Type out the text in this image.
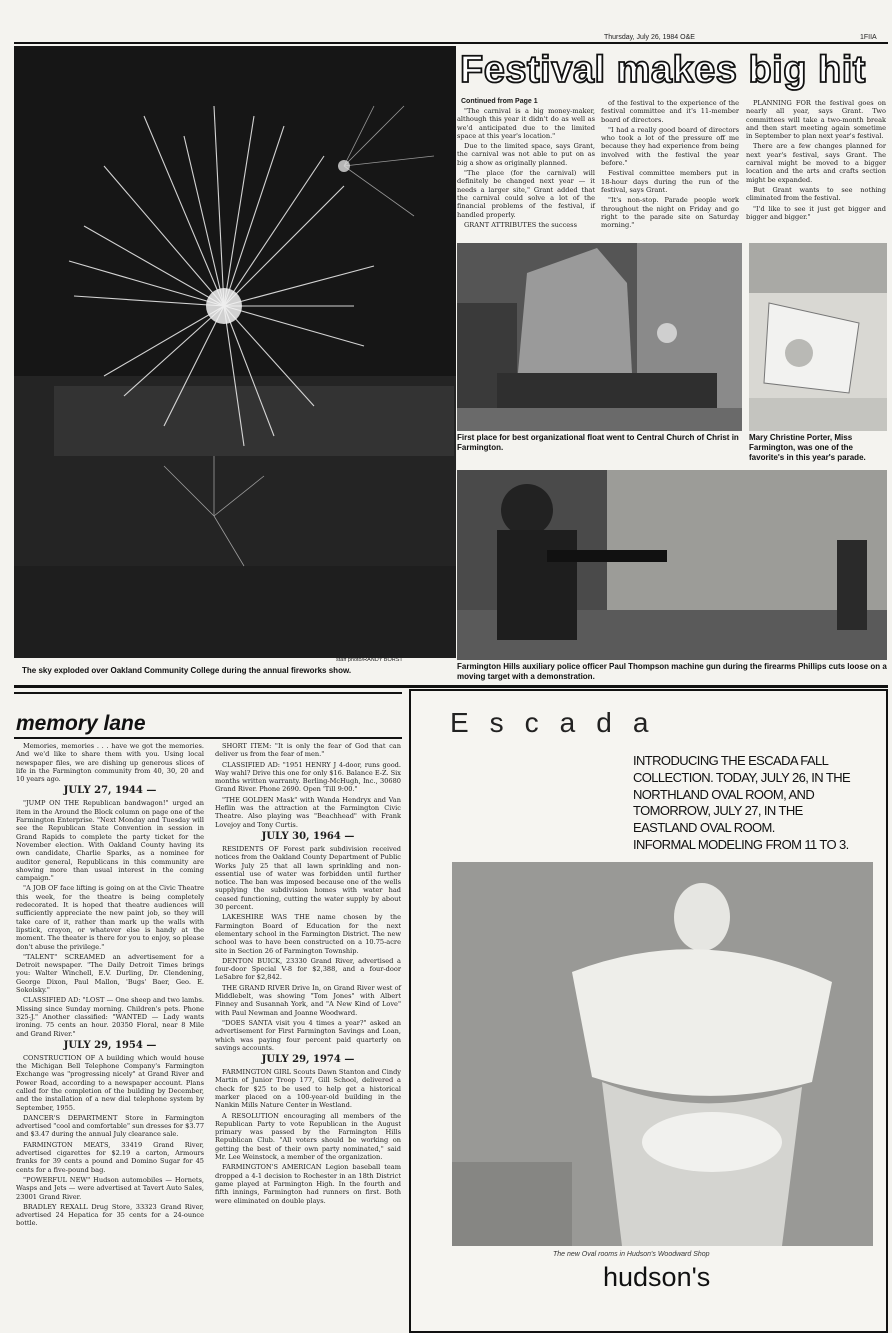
Thursday, July 26, 1984 O&E	1FIIA
staff photo/RANDY BORST
The sky exploded over Oakland Community College during the annual fireworks show.
Festival makes big hit
Continued from Page 1

"The carnival is a big money-maker, although this year it didn't do as well as we'd anticipated due to the limited space at this year's location."

Due to the limited space, says Grant, the carnival was not able to put on as big a show as originally planned.

"The place (for the carnival) will definitely be changed next year — it needs a larger site," Grant added that the carnival could solve a lot of the financial problems of the festival, if handled properly.

GRANT ATTRIBUTES the success

of the festival to the experience of the festival committee and it's 11-member board of directors.

"I had a really good board of directors who took a lot of the pressure off me because they had experience from being involved with the festival the year before."

Festival committee members put in 18-hour days during the run of the festival, says Grant.

"It's non-stop. Parade people work throughout the night on Friday and go right to the parade site on Saturday morning."

PLANNING FOR the festival goes on nearly all year, says Grant. Two committees will take a two-month break and then start meeting again sometime in September to plan next year's festival.

There are a few changes planned for next year's festival, says Grant. The carnival might be moved to a bigger location and the arts and crafts section might be expanded.

But Grant wants to see nothing climinated from the festival.

"I'd like to see it just get bigger and bigger and bigger."

First place for best organizational float went to Central Church of Christ in Farmington.
Mary Christine Porter, Miss Farmington, was one of the favorite's in this year's parade.
Farmington Hills auxiliary police officer Paul Thompson machine gun during the firearms Phillips cuts loose on a moving target with a demonstration.
memory lane

Memories, memories . . . have we got the memories. And we'd like to share them with you. Using local newspaper files, we are dishing up generous slices of life in the Farmington community from 40, 30, 20 and 10 years ago.

JULY 27, 1944 —

"JUMP ON THE Republican bandwagon!" urged an item in the Around the Block column on page one of the Farmington Enterprise. "Next Monday and Tuesday will see the Republican State Convention in session in Grand Rapids to complete the party ticket for the November election. With Oakland County having its own candidate, Charlie Sparks, as a nominee for auditor general, Republicans in this community are showing more than usual interest in the coming campaign."

"A JOB OF face lifting is going on at the Civic Theatre this week, for the theatre is being completely redecorated. It is hoped that theatre audiences will sufficiently appreciate the new paint job, so they will take care of it, rather than mark up the walls with lipstick, crayon, or whatever else is handy at the moment. The theater is there for you to enjoy, so please don't abuse the privilege."

"TALENT" SCREAMED an advertisement for a Detroit newspaper. "The Daily Detroit Times brings you: Walter Winchell, E.V. Durling, Dr. Clendening, George Dixon, Paul Mallon, 'Bugs' Baer, Geo. E. Sokolsky."

CLASSIFIED AD: "LOST — One sheep and two lambs. Missing since Sunday morning. Children's pets. Phone 325-J." Another classified: "WANTED — Lady wants ironing. 75 cents an hour. 20350 Floral, near 8 Mile and Grand River."

JULY 29, 1954 —

CONSTRUCTION OF A building which would house the Michigan Bell Telephone Company's Farmington Exchange was "progressing nicely" at Grand River and Power Road, according to a newspaper account. Plans called for the completion of the building by December, and the installation of a new dial telephone system by September, 1955.

DANCER'S DEPARTMENT Store in Farmington advertised "cool and comfortable" sun dresses for $3.77 and $3.47 during the annual July clearance sale.

FARMINGTON MEATS, 33419 Grand River, advertised cigarettes for $2.19 a carton, Armours franks for 39 cents a pound and Domino Sugar for 45 cents for a five-pound bag.

"POWERFUL NEW" Hudson automobiles — Hornets, Wasps and Jets — were advertised at Tavert Auto Sales, 23001 Grand River.

BRADLEY REXALL Drug Store, 33323 Grand River, advertised 24 Hepatica for 35 cents for a 24-ounce bottle.

SHORT ITEM: "It is only the fear of God that can deliver us from the fear of men."

CLASSIFIED AD: "1951 HENRY J 4-door, runs good. Way wahl? Drive this one for only $16. Balance E-Z. Six months written warranty. Berling-McHugh, Inc., 30680 Grand River. Phone 2690. Open 'Till 9:00."

"THE GOLDEN Mask" with Wanda Hendryx and Van Heflin was the attraction at the Farmington Civic Theatre. Also playing was "Beachhead" with Frank Lovejoy and Tony Curtis.

JULY 30, 1964 —

RESIDENTS OF Forest park subdivision received notices from the Oakland County Department of Public Works July 25 that all lawn sprinkling and non-essential use of water was forbidden until further notice. The ban was imposed because one of the wells supplying the subdivision homes with water had ceased functioning, cutting the water supply by about 30 percent.

LAKESHIRE WAS THE name chosen by the Farmington Board of Education for the next elementary school in the Farmington District. The new school was to have been constructed on a 10.75-acre site in Section 26 of Farmington Township.

DENTON BUICK, 23330 Grand River, advertised a four-door Special V-8 for $2,388, and a four-door LeSabre for $2,842.

THE GRAND RIVER Drive In, on Grand River west of Middlebelt, was showing "Tom Jones" with Albert Finney and Susannah York, and "A New Kind of Love" with Paul Newman and Joanne Woodward.

"DOES SANTA visit you 4 times a year?" asked an advertisement for First Farmington Savings and Loan, which was paying four percent paid quarterly on savings accounts.

JULY 29, 1974 —

FARMINGTON GIRL Scouts Dawn Stanton and Cindy Martin of Junior Troop 177, Gill School, delivered a check for $25 to be used to help get a historical marker placed on a 100-year-old building in the Nankin Mills Nature Center in Westland.

A RESOLUTION encouraging all members of the Republican Party to vote Republican in the August primary was passed by the Farmington Hills Republican Club. "All voters should be working on getting the best of their own party nominated," said Mr. Lee Weinstock, a member of the organization.

FARMINGTON'S AMERICAN Legion baseball team dropped a 4-1 decision to Rochester in an 18th District game played at Farmington High. In the fourth and fifth innings, Farmington had runners on first. Both were eliminated on double plays.

Escada
INTRODUCING THE ESCADA FALL
COLLECTION. TODAY, JULY 26, IN THE
NORTHLAND OVAL ROOM, AND
TOMORROW, JULY 27, IN THE
EASTLAND OVAL ROOM.
INFORMAL MODELING FROM 11 TO 3.
The new Oval rooms in Hudson's Woodward Shop
hudson's
